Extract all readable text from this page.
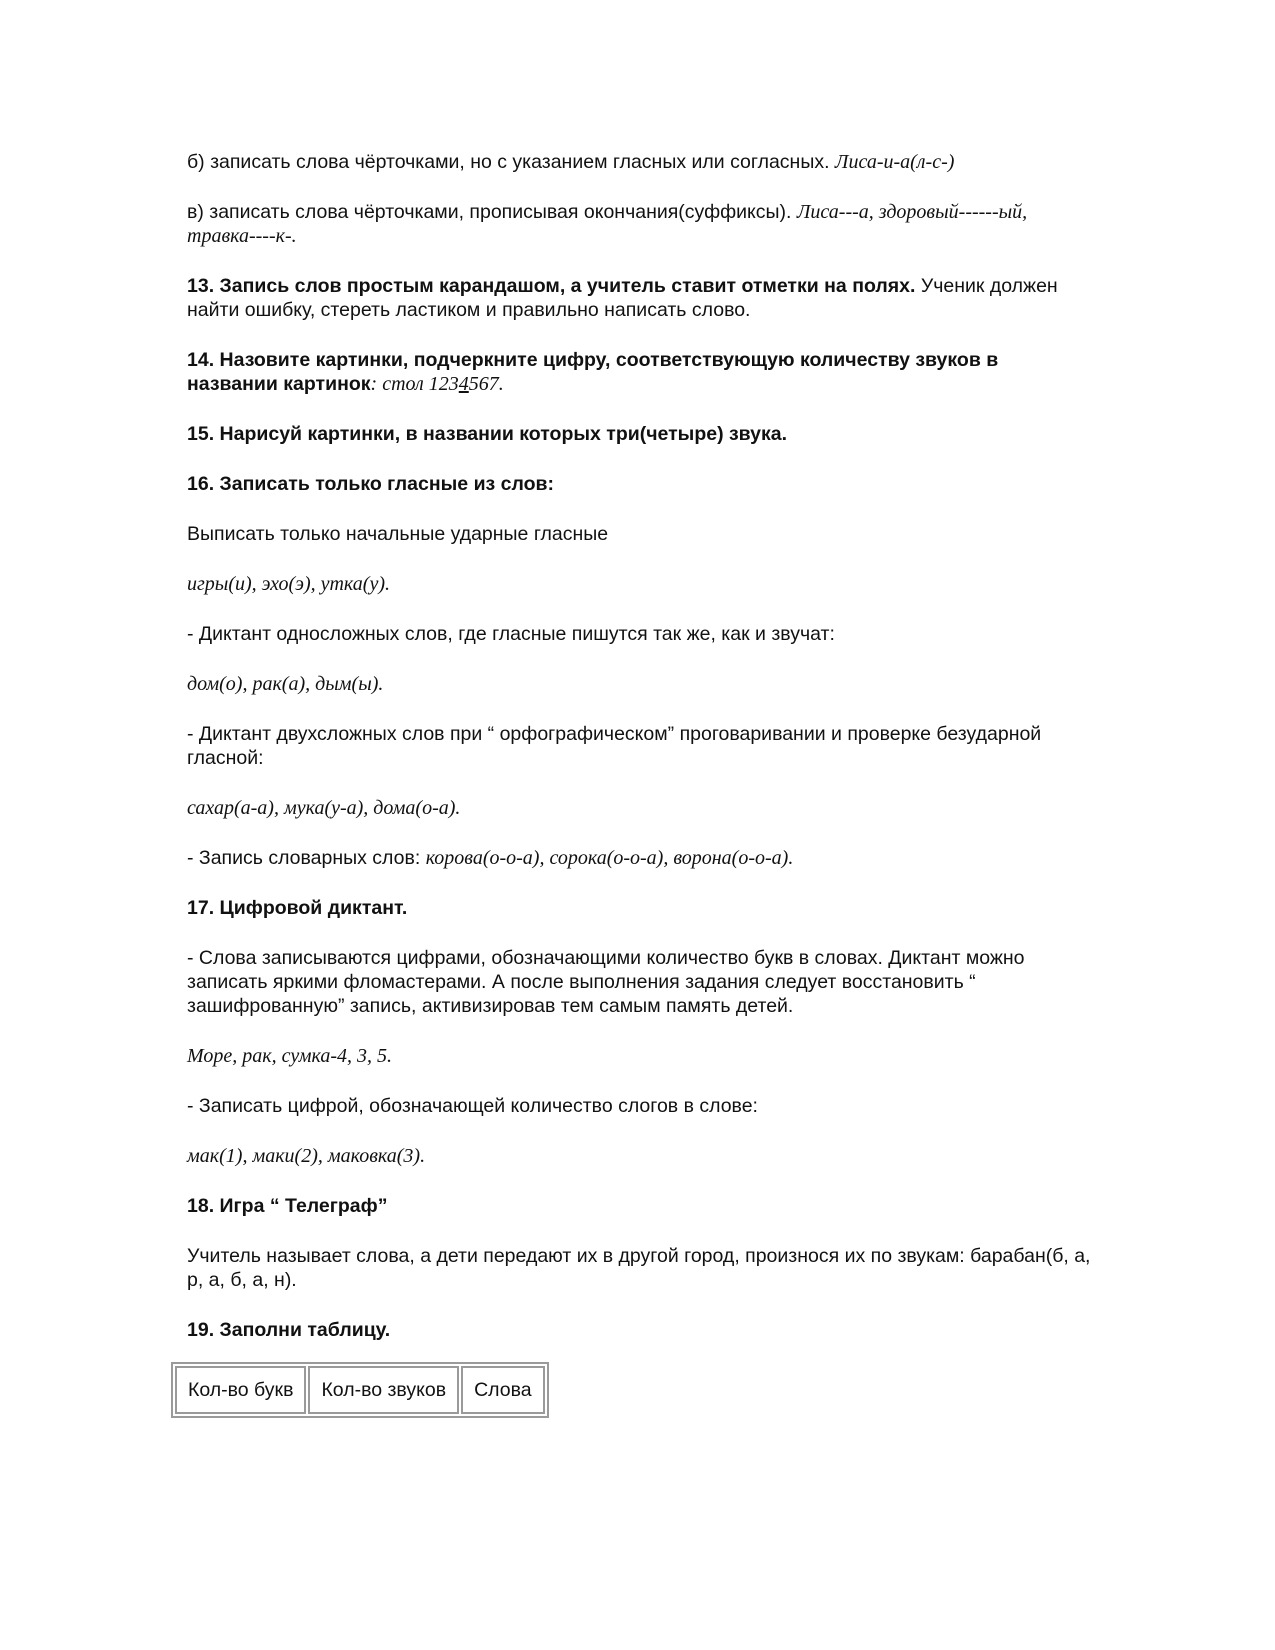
б) записать слова чёрточками, но с указанием гласных или согласных. Лиса-и-а(л-с-)

в) записать слова чёрточками, прописывая окончания(суффиксы). Лиса---а, здоровый------ый, травка----к-.

13. Запись слов простым карандашом, а учитель ставит отметки на полях. Ученик должен найти ошибку, стереть ластиком и правильно написать слово.

14. Назовите картинки, подчеркните цифру, соответствующую количеству звуков в названии картинок: стол 1234567.

15. Нарисуй картинки, в названии которых три(четыре) звука.

16. Записать только гласные из слов:

Выписать только начальные ударные гласные

игры(и), эхо(э), утка(у).

- Диктант односложных слов, где гласные пишутся так же, как и звучат:

дом(о), рак(а), дым(ы).

- Диктант двухсложных слов при “ орфографическом” проговаривании и проверке безударной гласной:

сахар(а-а), мука(у-а), дома(о-а).

- Запись словарных слов: корова(о-о-а), сорока(о-о-а), ворона(о-о-а).

17. Цифровой диктант.

- Слова записываются цифрами, обозначающими количество букв в словах. Диктант можно записать яркими фломастерами. А после выполнения задания следует восстановить “ зашифрованную” запись, активизировав тем самым память детей.

Море, рак, сумка-4, 3, 5.

- Записать цифрой, обозначающей количество слогов в слове:

мак(1), маки(2), маковка(3).

18. Игра “ Телеграф”

Учитель называет слова, а дети передают их в другой город, произнося их по звукам: барабан(б, а, р, а, б, а, н).

19. Заполни таблицу.

Кол-во букв	Кол-во звуков	Слова
